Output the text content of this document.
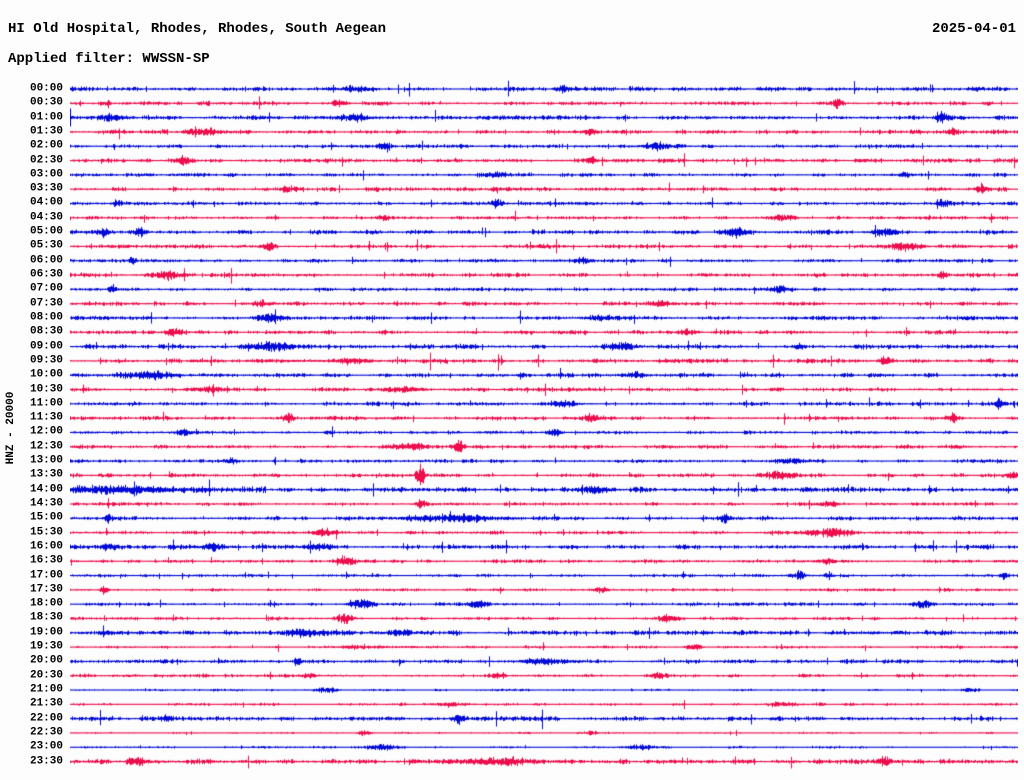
HI Old Hospital, Rhodes, Rhodes, South Aegean	2025-04-01
Applied filter: WWSSN-SP
HNZ - 20000
00:00
00:30
01:00
01:30
02:00
02:30
03:00
03:30
04:00
04:30
05:00
05:30
06:00
06:30
07:00
07:30
08:00
08:30
09:00
09:30
10:00
10:30
11:00
11:30
12:00
12:30
13:00
13:30
14:00
14:30
15:00
15:30
16:00
16:30
17:00
17:30
18:00
18:30
19:00
19:30
20:00
20:30
21:00
21:30
22:00
22:30
23:00
23:30
